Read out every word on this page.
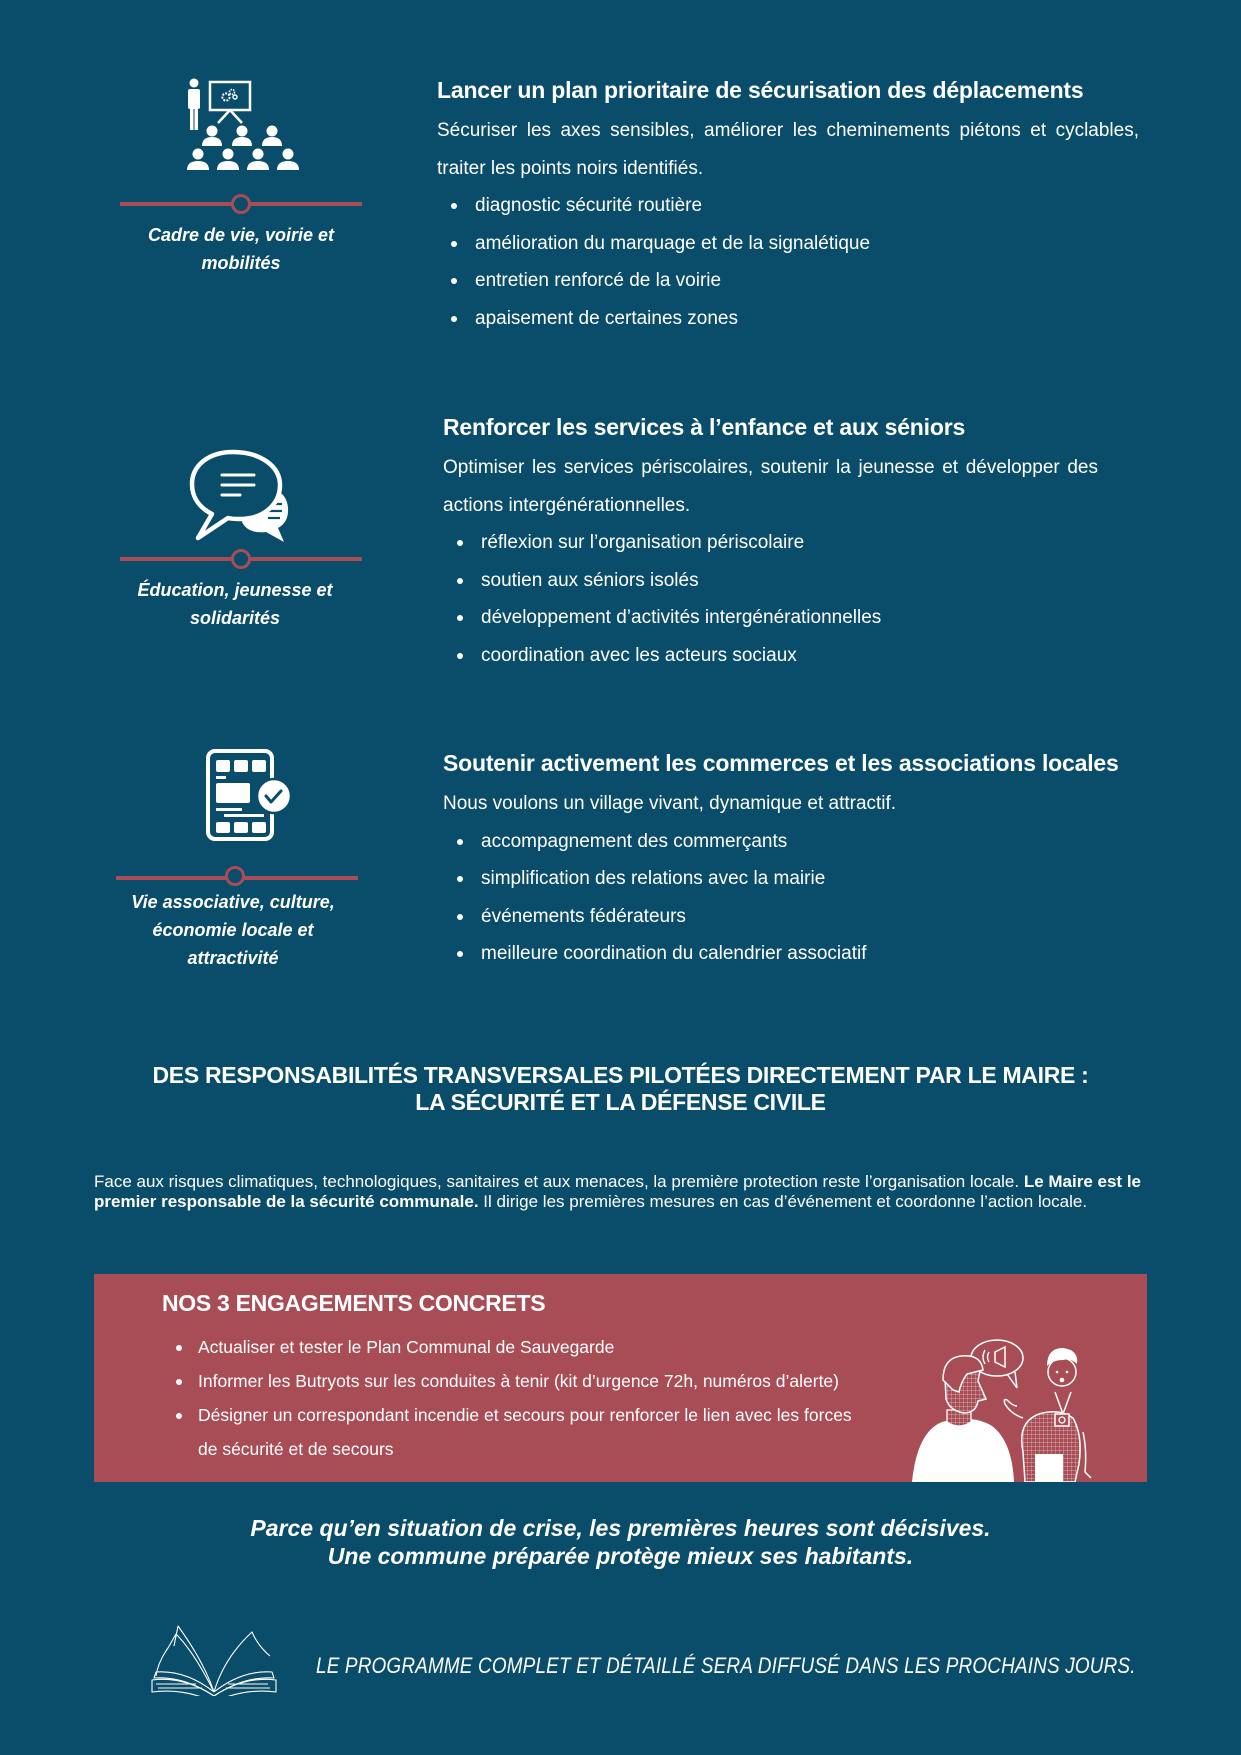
Cadre de vie, voirie et mobilités
Lancer un plan prioritaire de sécurisation des déplacements

Sécuriser les axes sensibles, améliorer les cheminements piétons et cyclables, traiter les points noirs identifiés.

diagnostic sécurité routière
amélioration du marquage et de la signalétique
entretien renforcé de la voirie
apaisement de certaines zones
Éducation, jeunesse et solidarités
Renforcer les services à l’enfance et aux séniors

Optimiser les services périscolaires, soutenir la jeunesse et développer des actions intergénérationnelles.

réflexion sur l’organisation périscolaire
soutien aux séniors isolés
développement d’activités intergénérationnelles
coordination avec les acteurs sociaux
Vie associative, culture, économie locale et attractivité
Soutenir activement les commerces et les associations locales

Nous voulons un village vivant, dynamique et attractif.

accompagnement des commerçants
simplification des relations avec la mairie
événements fédérateurs
meilleure coordination du calendrier associatif
DES RESPONSABILITÉS TRANSVERSALES PILOTÉES DIRECTEMENT PAR LE MAIRE :
LA SÉCURITÉ ET LA DÉFENSE CIVILE
Face aux risques climatiques, technologiques, sanitaires et aux menaces, la première protection reste l’organisation locale. Le Maire est le premier responsable de la sécurité communale. Il dirige les premières mesures en cas d’événement et coordonne l’action locale.
NOS 3 ENGAGEMENTS CONCRETS
Actualiser et tester le Plan Communal de Sauvegarde
Informer les Butryots sur les conduites à tenir (kit d’urgence 72h, numéros d’alerte)
Désigner un correspondant incendie et secours pour renforcer le lien avec les forces de sécurité et de secours
Parce qu’en situation de crise, les premières heures sont décisives.
Une commune préparée protège mieux ses habitants.
LE PROGRAMME COMPLET ET DÉTAILLÉ SERA DIFFUSÉ DANS LES PROCHAINS JOURS.
